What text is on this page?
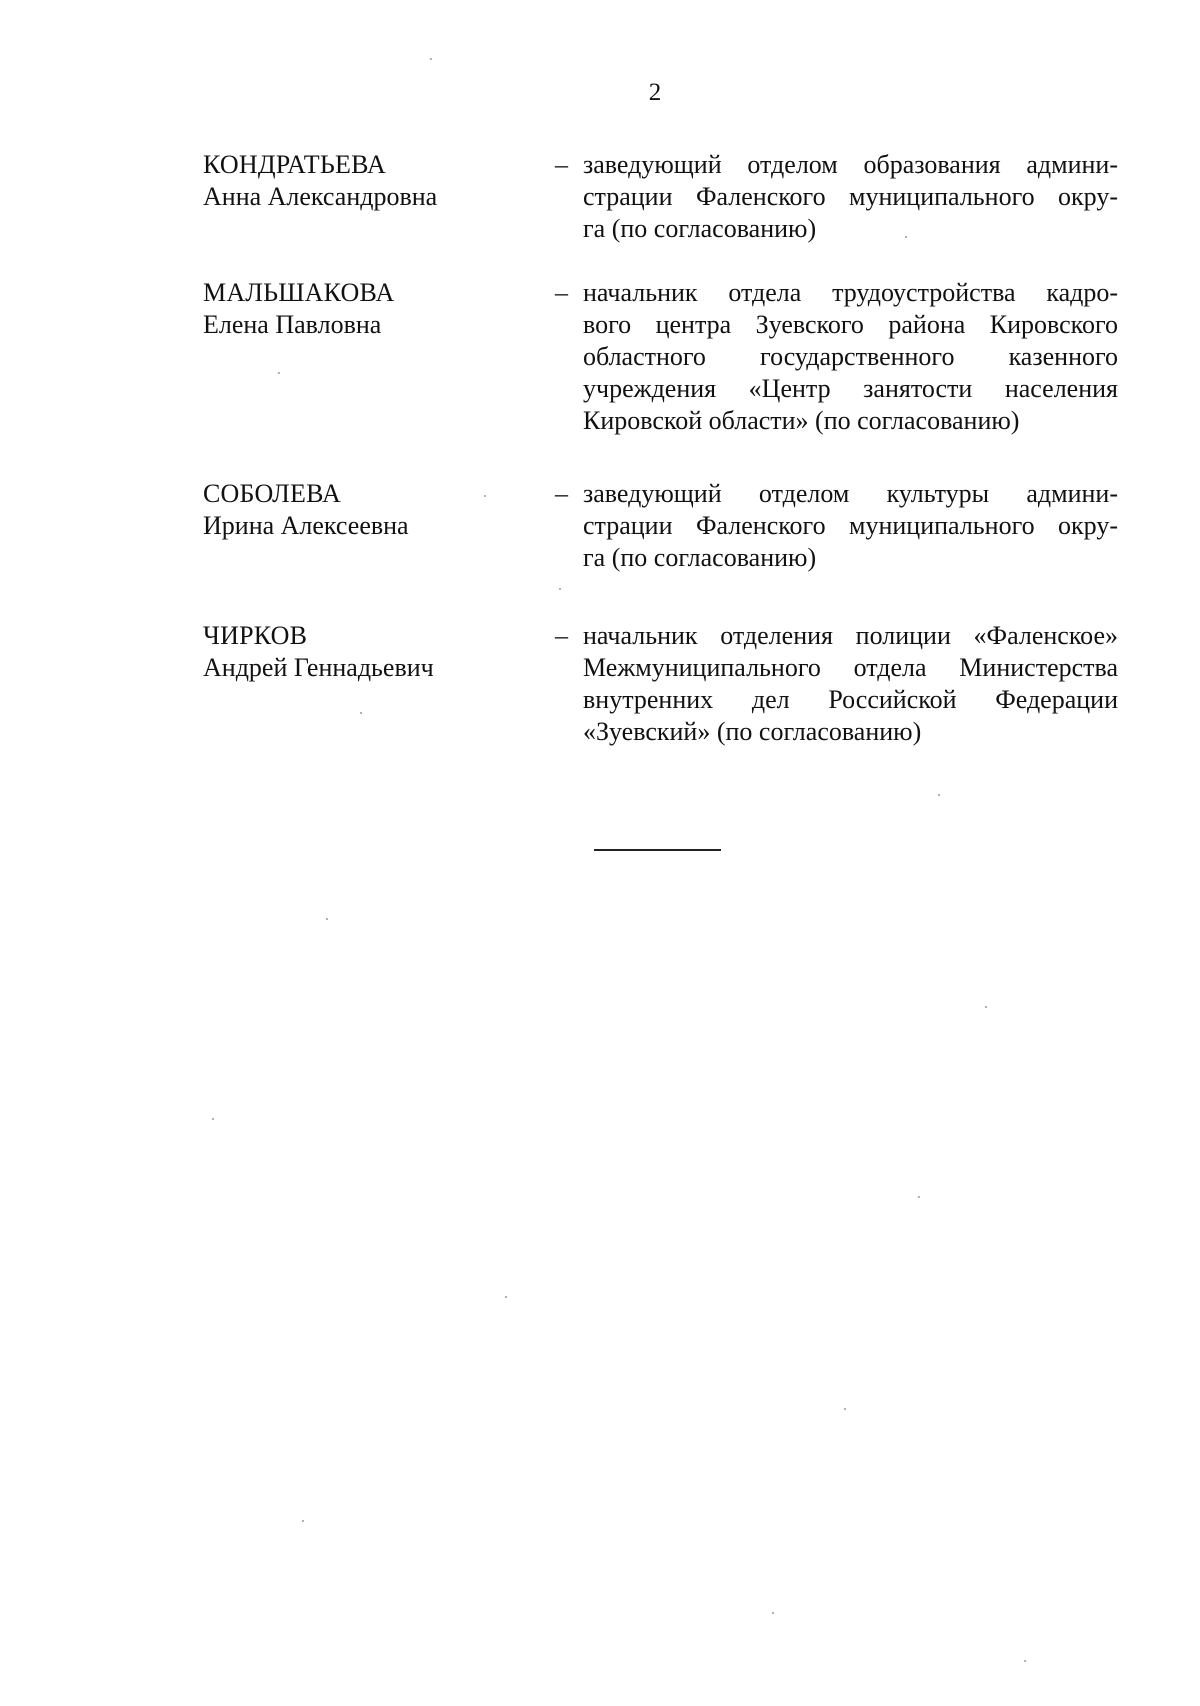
2
КОНДРАТЬЕВА
Анна Александровна
– заведующий отделом образования админи-
страции Фаленского муниципального окру-
га (по согласованию)
МАЛЬШАКОВА
Елена Павловна
– начальник отдела трудоустройства кадро-
вого центра Зуевского района Кировского
областного государственного казенного
учреждения «Центр занятости населения
Кировской области» (по согласованию)
СОБОЛЕВА
Ирина Алексеевна
– заведующий отделом культуры админи-
страции Фаленского муниципального окру-
га (по согласованию)
ЧИРКОВ
Андрей Геннадьевич
– начальник отделения полиции «Фаленское»
Межмуниципального отдела Министерства
внутренних дел Российской Федерации
«Зуевский» (по согласованию)
